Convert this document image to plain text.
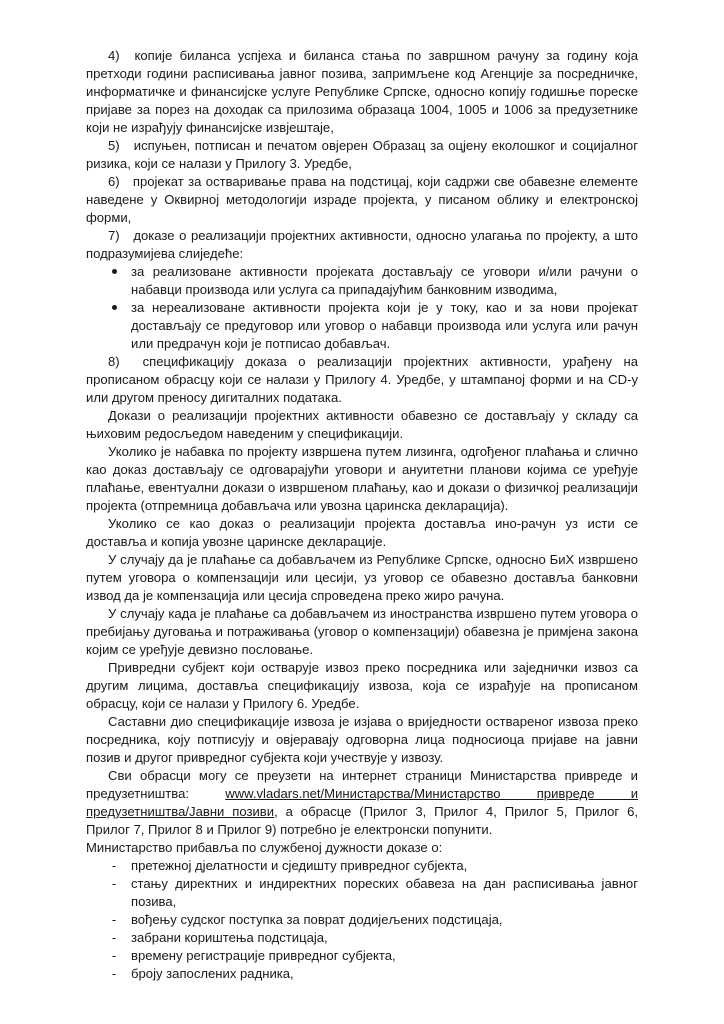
4) копије биланса успјеха и биланса стања по завршном рачуну за годину која претходи години расписивања јавног позива, запримљене код Агенције за посредничке, информатичке и финансијске услуге Републике Српске, односно копију годишње пореске пријаве за порез на доходак са прилозима образаца 1004, 1005 и 1006 за предузетнике који не израђују финансијске извјештаје,

5) испуњен, потписан и печатом овјерен Образац за оцјену еколошког и социјалног ризика, који се налази у Прилогу 3. Уредбе,

6) пројекат за остваривање права на подстицај, који садржи све обавезне елементе наведене у Оквирној методологији израде пројекта, у писаном облику и електронској форми,

7) доказе о реализацији пројектних активности, односно улагања по пројекту, а што подразумијева слиједеће:

за реализоване активности пројеката достављају се уговори и/или рачуни о набавци производа или услуга са припадајућим банковним изводима,
за нереализоване активности пројекта који је у току, као и за нови пројекат достављају се предуговор или уговор о набавци производа или услуга или рачун или предрачун који је потписао добављач.

8) спецификацију доказа о реализацији пројектних активности, урађену на прописаном обрасцу који се налази у Прилогу 4. Уредбе, у штампаној форми и на CD-у или другом преносу дигиталних података.

Докази о реализацији пројектних активности обавезно се достављају у складу са њиховим редосљедом наведеним у спецификацији.

Уколико је набавка по пројекту извршена путем лизинга, одгођеног плаћања и слично као доказ достављају се одговарајући уговори и ануитетни планови којима се уређује плаћање, евентуални докази о извршеном плаћању, као и докази о физичкој реализацији пројекта (отпремница добављача или увозна царинска декларација).

Уколико се као доказ о реализацији пројекта доставља ино-рачун уз исти се доставља и копија увозне царинске декларације.

У случају да је плаћање са добављачем из Републике Српске, односно БиХ извршено путем уговора о компензацији или цесији, уз уговор се обавезно доставља банковни извод да је компензација или цесија спроведена преко жиро рачуна.

У случају када је плаћање са добављачем из иностранства извршено путем уговора о пребијању дуговања и потраживања (уговор о компензацији) обавезна је примјена закона којим се уређује девизно пословање.

Привредни субјект који остварује извоз преко посредника или заједнички извоз са другим лицима, доставља спецификацију извоза, која се израђује на прописаном обрасцу, који се налази у Прилогу 6. Уредбе.

Саставни дио спецификације извоза је изјава о вриједности оствареног извоза преко посредника, коју потписују и овјеравају одговорна лица подносиоца пријаве на јавни позив и другог привредног субјекта који учествује у извозу.

Сви обрасци могу се преузети на интернет страници Министарства привреде и предузетништва: www.vladars.net/Министарства/Министарство привреде и предузетништва/Јавни позиви, а обрасце (Прилог 3, Прилог 4, Прилог 5, Прилог 6, Прилог 7, Прилог 8 и Прилог 9) потребно је електронски попунити.

Министарство прибавља по службеној дужности доказе о:

- претежној дјелатности и сједишту привредног субјекта,
- стању директних и индиректних пореских обавеза на дан расписивања јавног позива,
- вођењу судског поступка за поврат додијељених подстицаја,
- забрани кориштења подстицаја,
- времену регистрације привредног субјекта,
- броју запослених радника,
